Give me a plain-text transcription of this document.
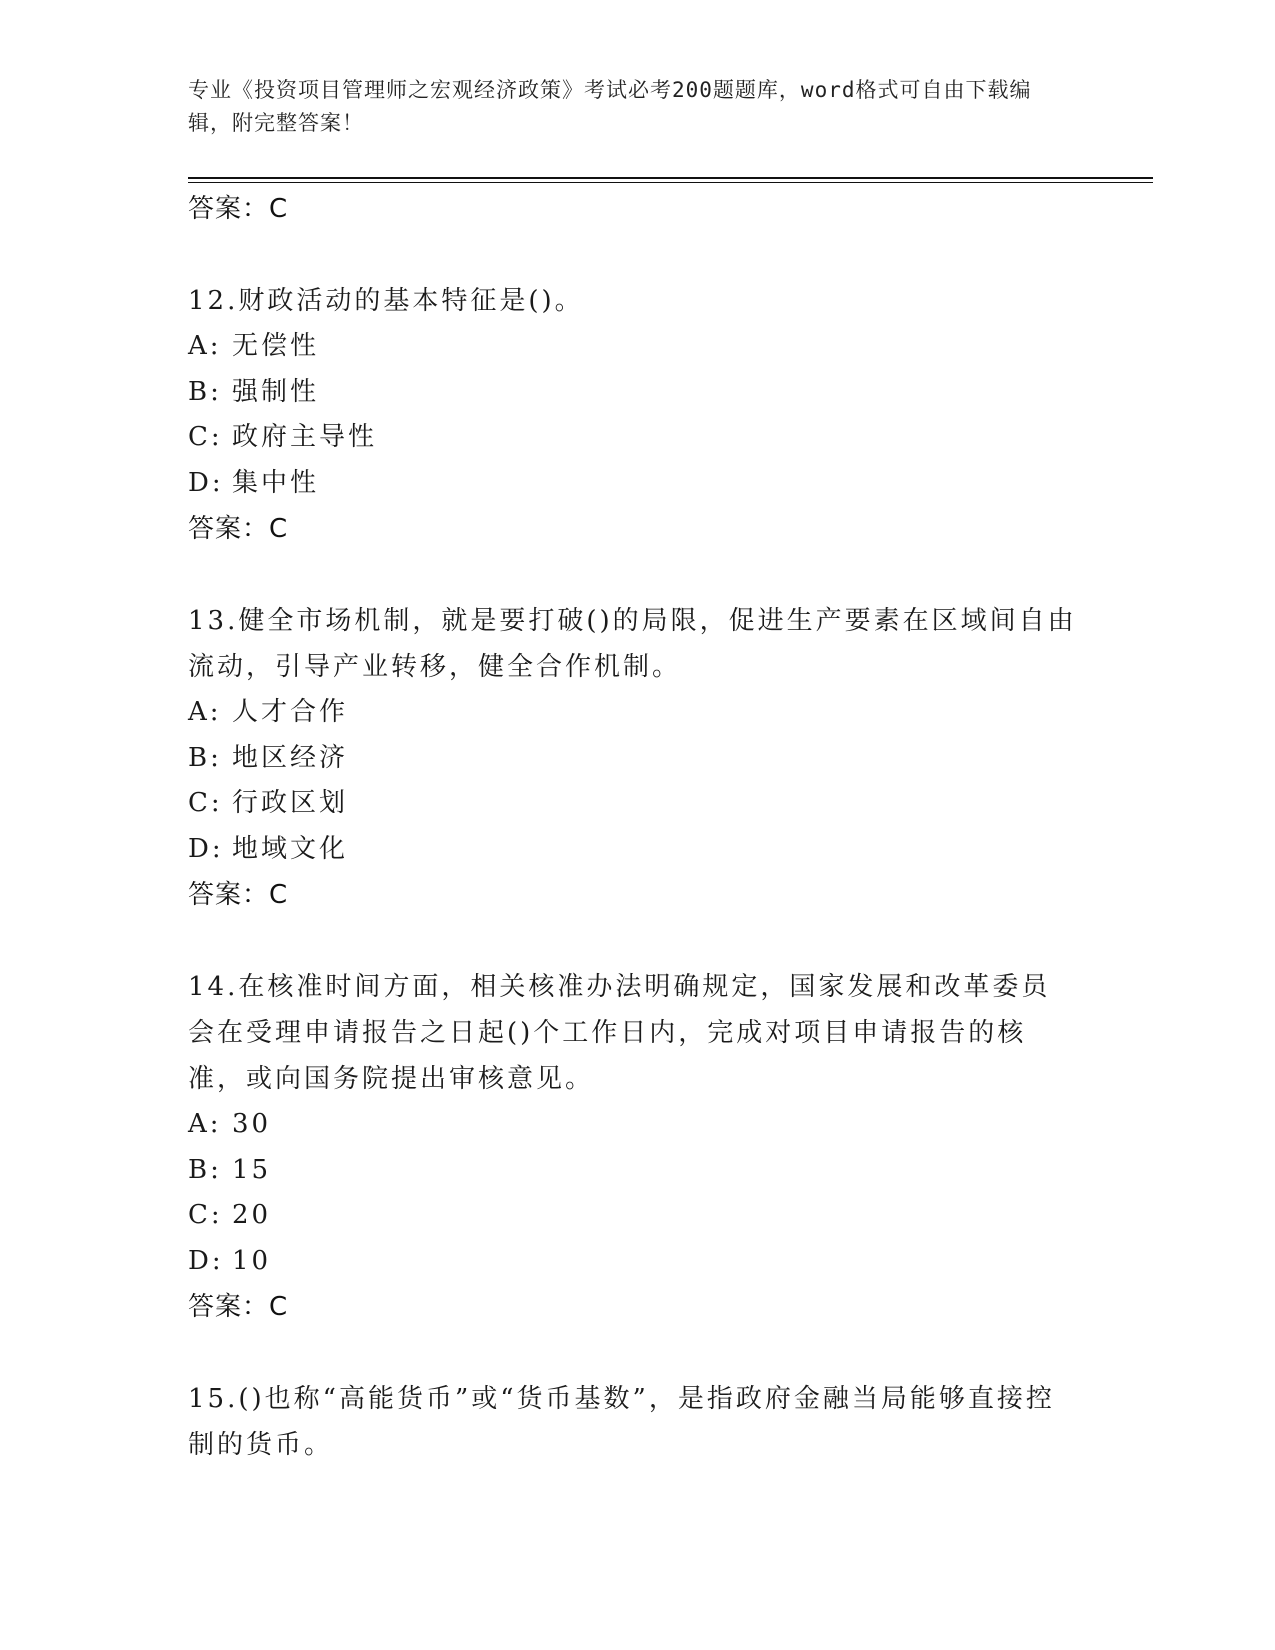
专业《投资项目管理师之宏观经济政策》考试必考200题题库，word格式可自由下载编辑，附完整答案！
答案：C
12.财政活动的基本特征是()。
A: 无偿性
B: 强制性
C: 政府主导性
D: 集中性
答案：C
13.健全市场机制，就是要打破()的局限，促进生产要素在区域间自由流动，引导产业转移，健全合作机制。
A: 人才合作
B: 地区经济
C: 行政区划
D: 地域文化
答案：C
14.在核准时间方面，相关核准办法明确规定，国家发展和改革委员会在受理申请报告之日起()个工作日内，完成对项目申请报告的核准，或向国务院提出审核意见。
A: 30
B: 15
C: 20
D: 10
答案：C
15.()也称“高能货币”或“货币基数”，是指政府金融当局能够直接控制的货币。
